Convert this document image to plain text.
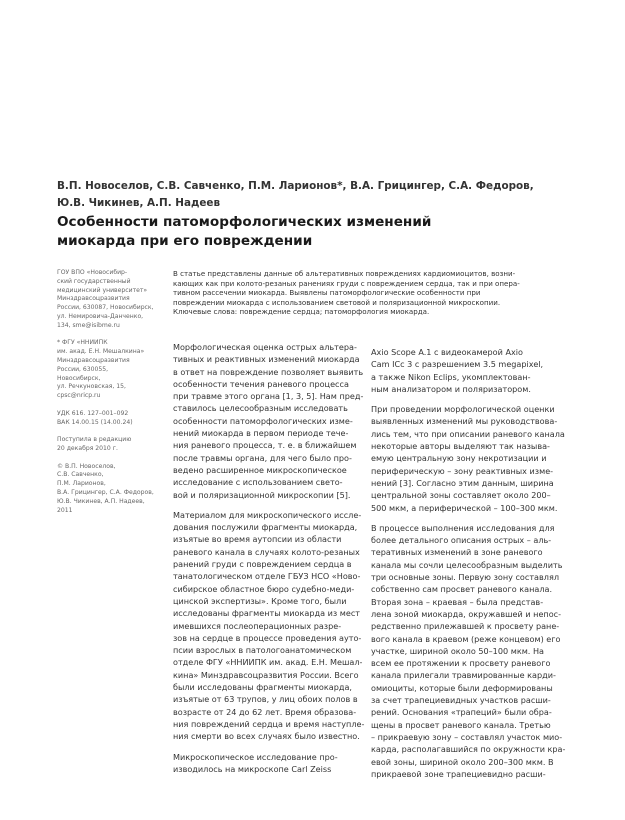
В.П. Новоселов, С.В. Савченко, П.М. Ларионов*, В.А. Грицингер, С.А. Федоров,

Ю.В. Чикинев, А.П. Надеев

Особенности патоморфологических изменений

миокарда при его повреждении

В статье представлены данные об альтеративных повреждениях кардиомиоцитов, возни-

кающих как при колото-резаных ранениях груди с повреждением сердца, так и при опера-

тивном рассечении миокарда. Выявлены патоморфологические особенности при

повреждении миокарда с использованием световой и поляризационной микроскопии.

Ключевые слова: повреждение сердца; патоморфология миокарда.

ГОУ ВПО «Новосибир-

ский государственный

медицинский университет»

Минздравсоцразвития

России, 630087, Новосибирск,

ул. Немировича-Данченко,

134, sme@isibme.ru

* ФГУ «ННИИПК

им. акад. Е.Н. Мешалкина»

Минздравсоцразвития

России, 630055,

Новосибирск,

ул. Речкуновская, 15,

cpsc@nricp.ru

УДК 616. 127–001–092

ВАК 14.00.15 (14.00.24)

Поступила в редакцию

20 декабря 2010 г.

© В.П. Новоселов,

С.В. Савченко,

П.М. Ларионов,

В.А. Грицингер, С.А. Федоров,

Ю.В. Чикинев, А.П. Надеев,

2011

Морфологическая оценка острых альтера-

тивных и реактивных изменений миокарда

в ответ на повреждение позволяет выявить

особенности течения раневого процесса

при травме этого органа [1, 3, 5]. Нам пред-

ставилось целесообразным исследовать

особенности патоморфологических изме-

нений миокарда в первом периоде тече-

ния раневого процесса, т. е. в ближайшем

после травмы органа, для чего было про-

ведено расширенное микроскопическое

исследование с использованием свето-

вой и поляризационной микроскопии [5].

Материалом для микроскопического иссле-

дования послужили фрагменты миокарда,

изъятые во время аутопсии из области

раневого канала в случаях колото-резаных

ранений груди с повреждением сердца в

танатологическом отделе ГБУЗ НСО «Ново-

сибирское областное бюро судебно-меди-

цинской экспертизы». Кроме того, были

исследованы фрагменты миокарда из мест

имевшихся послеоперационных разре-

зов на сердце в процессе проведения ауто-

псии взрослых в патологоанатомическом

отделе ФГУ «ННИИПК им. акад. Е.Н. Мешал-

кина» Минздравсоцразвития России. Всего

были исследованы фрагменты миокарда,

изъятые от 63 трупов, у лиц обоих полов в

возрасте от 24 до 62 лет. Время образова-

ния повреждений сердца и время наступле-

ния смерти во всех случаях было известно.

Микроскопическое исследование про-

изводилось на микроскопе Carl Zeiss

Axio Scope A.1 с видеокамерой Axio

Cam ICc 3 с разрешением 3.5 megapixel,

а также Nikon Eclips, укомплектован-

ным анализатором и поляризатором.

При проведении морфологической оценки

выявленных изменений мы руководствова-

лись тем, что при описании раневого канала

некоторые авторы выделяют так называ-

емую центральную зону некротизации и

периферическую – зону реактивных изме-

нений [3]. Согласно этим данным, ширина

центральной зоны составляет около 200–

500 мкм, а периферической – 100–300 мкм.

В процессе выполнения исследования для

более детального описания острых – аль-

теративных изменений в зоне раневого

канала мы сочли целесообразным выделить

три основные зоны. Первую зону составлял

собственно сам просвет раневого канала.

Вторая зона – краевая – была представ-

лена зоной миокарда, окружавшей и непос-

редственно прилежавшей к просвету ране-

вого канала в краевом (реже концевом) его

участке, шириной около 50–100 мкм. На

всем ее протяжении к просвету раневого

канала прилегали травмированные карди-

омиоциты, которые были деформированы

за счет трапециевидных участков расши-

рений. Основания «трапеций» были обра-

щены в просвет раневого канала. Третью

– прикраевую зону – составлял участок мио-

карда, располагавшийся по окружности кра-

евой зоны, шириной около 200–300 мкм. В

прикраевой зоне трапециевидно расши-
